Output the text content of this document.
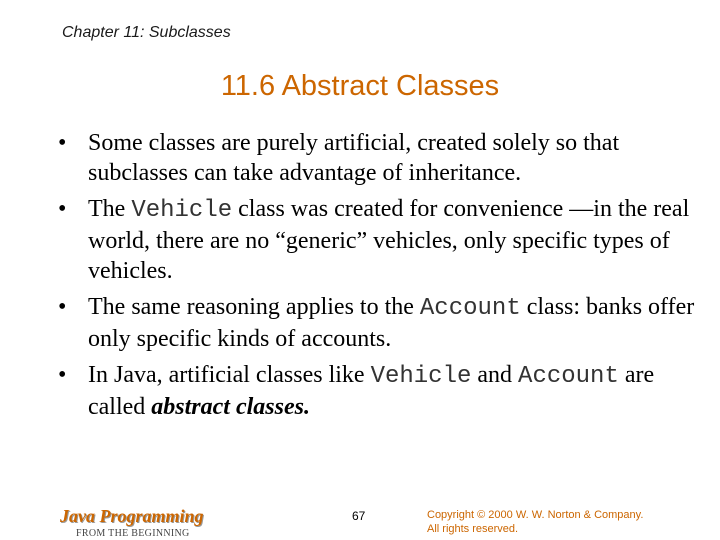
Chapter 11: Subclasses
11.6 Abstract Classes
• Some classes are purely artificial, created solely so that subclasses can take advantage of inheritance.
• The Vehicle class was created for convenience —in the real world, there are no “generic” vehicles, only specific types of vehicles.
• The same reasoning applies to the Account class: banks offer only specific kinds of accounts.
• In Java, artificial classes like Vehicle and Account are called abstract classes.
Java Programming
FROM THE BEGINNING
67	Copyright © 2000 W. W. Norton & Company.
All rights reserved.
